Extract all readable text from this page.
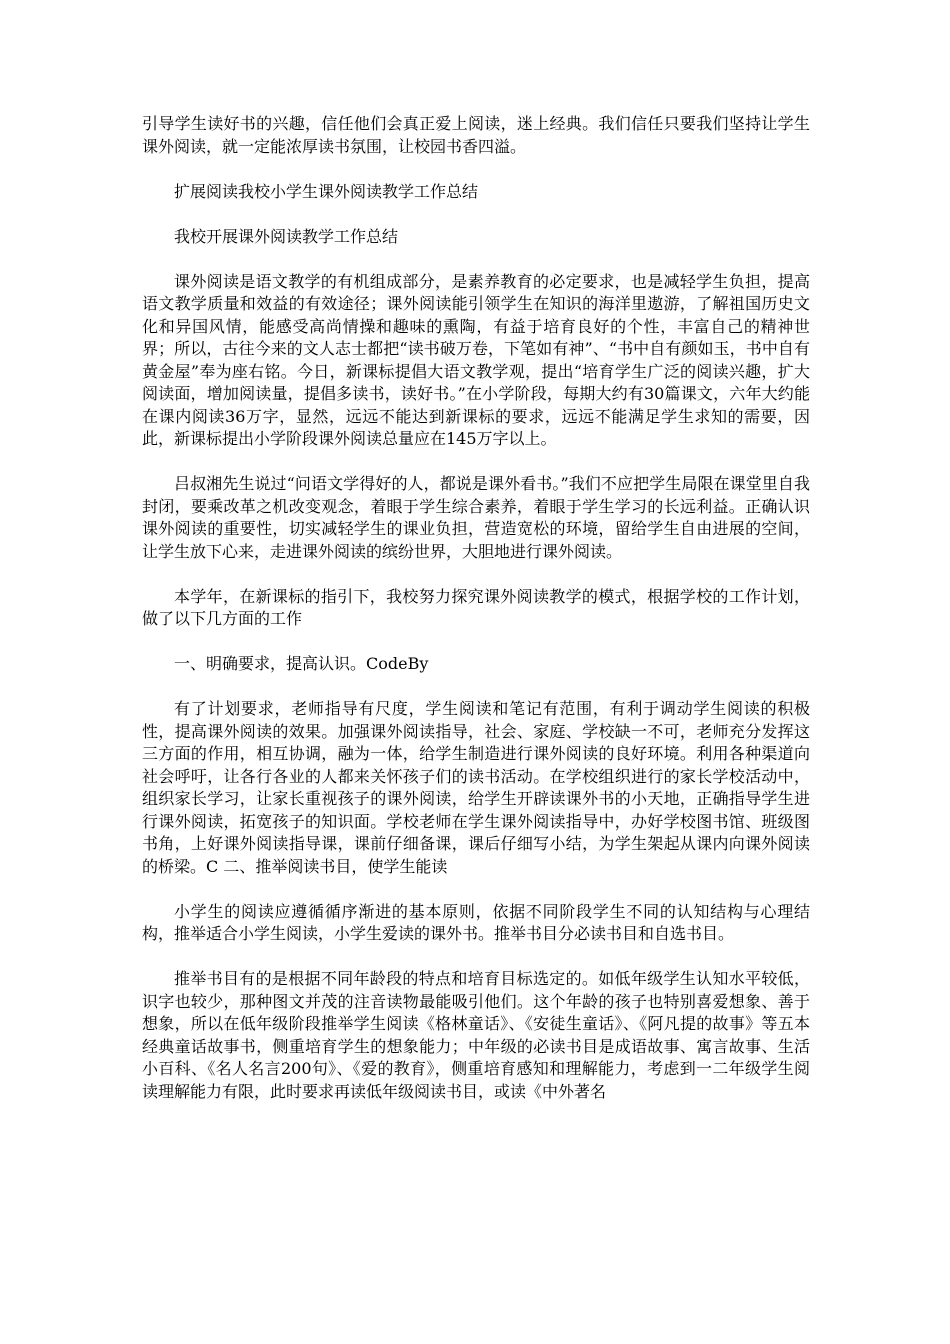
引导学生读好书的兴趣，信任他们会真正爱上阅读，迷上经典。我们信任只要我们坚持让学生课外阅读，就一定能浓厚读书氛围，让校园书香四溢。

扩展阅读我校小学生课外阅读教学工作总结

我校开展课外阅读教学工作总结

课外阅读是语文教学的有机组成部分，是素养教育的必定要求，也是减轻学生负担，提高语文教学质量和效益的有效途径；课外阅读能引领学生在知识的海洋里遨游，了解祖国历史文化和异国风情，能感受高尚情操和趣味的熏陶，有益于培育良好的个性，丰富自己的精神世界；所以，古往今来的文人志士都把“读书破万卷，下笔如有神”、“书中自有颜如玉，书中自有黄金屋”奉为座右铭。今日，新课标提倡大语文教学观，提出“培育学生广泛的阅读兴趣，扩大阅读面，增加阅读量，提倡多读书，读好书。”在小学阶段，每期大约有30篇课文，六年大约能在课内阅读36万字，显然，远远不能达到新课标的要求，远远不能满足学生求知的需要，因此，新课标提出小学阶段课外阅读总量应在145万字以上。

吕叔湘先生说过“问语文学得好的人，都说是课外看书。”我们不应把学生局限在课堂里自我封闭，要乘改革之机改变观念，着眼于学生综合素养，着眼于学生学习的长远利益。正确认识课外阅读的重要性，切实减轻学生的课业负担，营造宽松的环境，留给学生自由进展的空间，让学生放下心来，走进课外阅读的缤纷世界，大胆地进行课外阅读。

本学年，在新课标的指引下，我校努力探究课外阅读教学的模式，根据学校的工作计划，做了以下几方面的工作

一、明确要求，提高认识。CodeBy

有了计划要求，老师指导有尺度，学生阅读和笔记有范围，有利于调动学生阅读的积极性，提高课外阅读的效果。加强课外阅读指导，社会、家庭、学校缺一不可，老师充分发挥这三方面的作用，相互协调，融为一体，给学生制造进行课外阅读的良好环境。利用各种渠道向社会呼吁，让各行各业的人都来关怀孩子们的读书活动。在学校组织进行的家长学校活动中，组织家长学习，让家长重视孩子的课外阅读，给学生开辟读课外书的小天地，正确指导学生进行课外阅读，拓宽孩子的知识面。学校老师在学生课外阅读指导中，办好学校图书馆、班级图书角，上好课外阅读指导课，课前仔细备课，课后仔细写小结，为学生架起从课内向课外阅读的桥梁。C 二、推举阅读书目，使学生能读

小学生的阅读应遵循循序渐进的基本原则，依据不同阶段学生不同的认知结构与心理结构，推举适合小学生阅读，小学生爱读的课外书。推举书目分必读书目和自选书目。

推举书目有的是根据不同年龄段的特点和培育目标选定的。如低年级学生认知水平较低，识字也较少，那种图文并茂的注音读物最能吸引他们。这个年龄的孩子也特别喜爱想象、善于想象，所以在低年级阶段推举学生阅读《格林童话》、《安徒生童话》、《阿凡提的故事》等五本经典童话故事书，侧重培育学生的想象能力；中年级的必读书目是成语故事、寓言故事、生活小百科、《名人名言200句》、《爱的教育》，侧重培育感知和理解能力，考虑到一二年级学生阅读理解能力有限，此时要求再读低年级阅读书目，或读《中外著名
